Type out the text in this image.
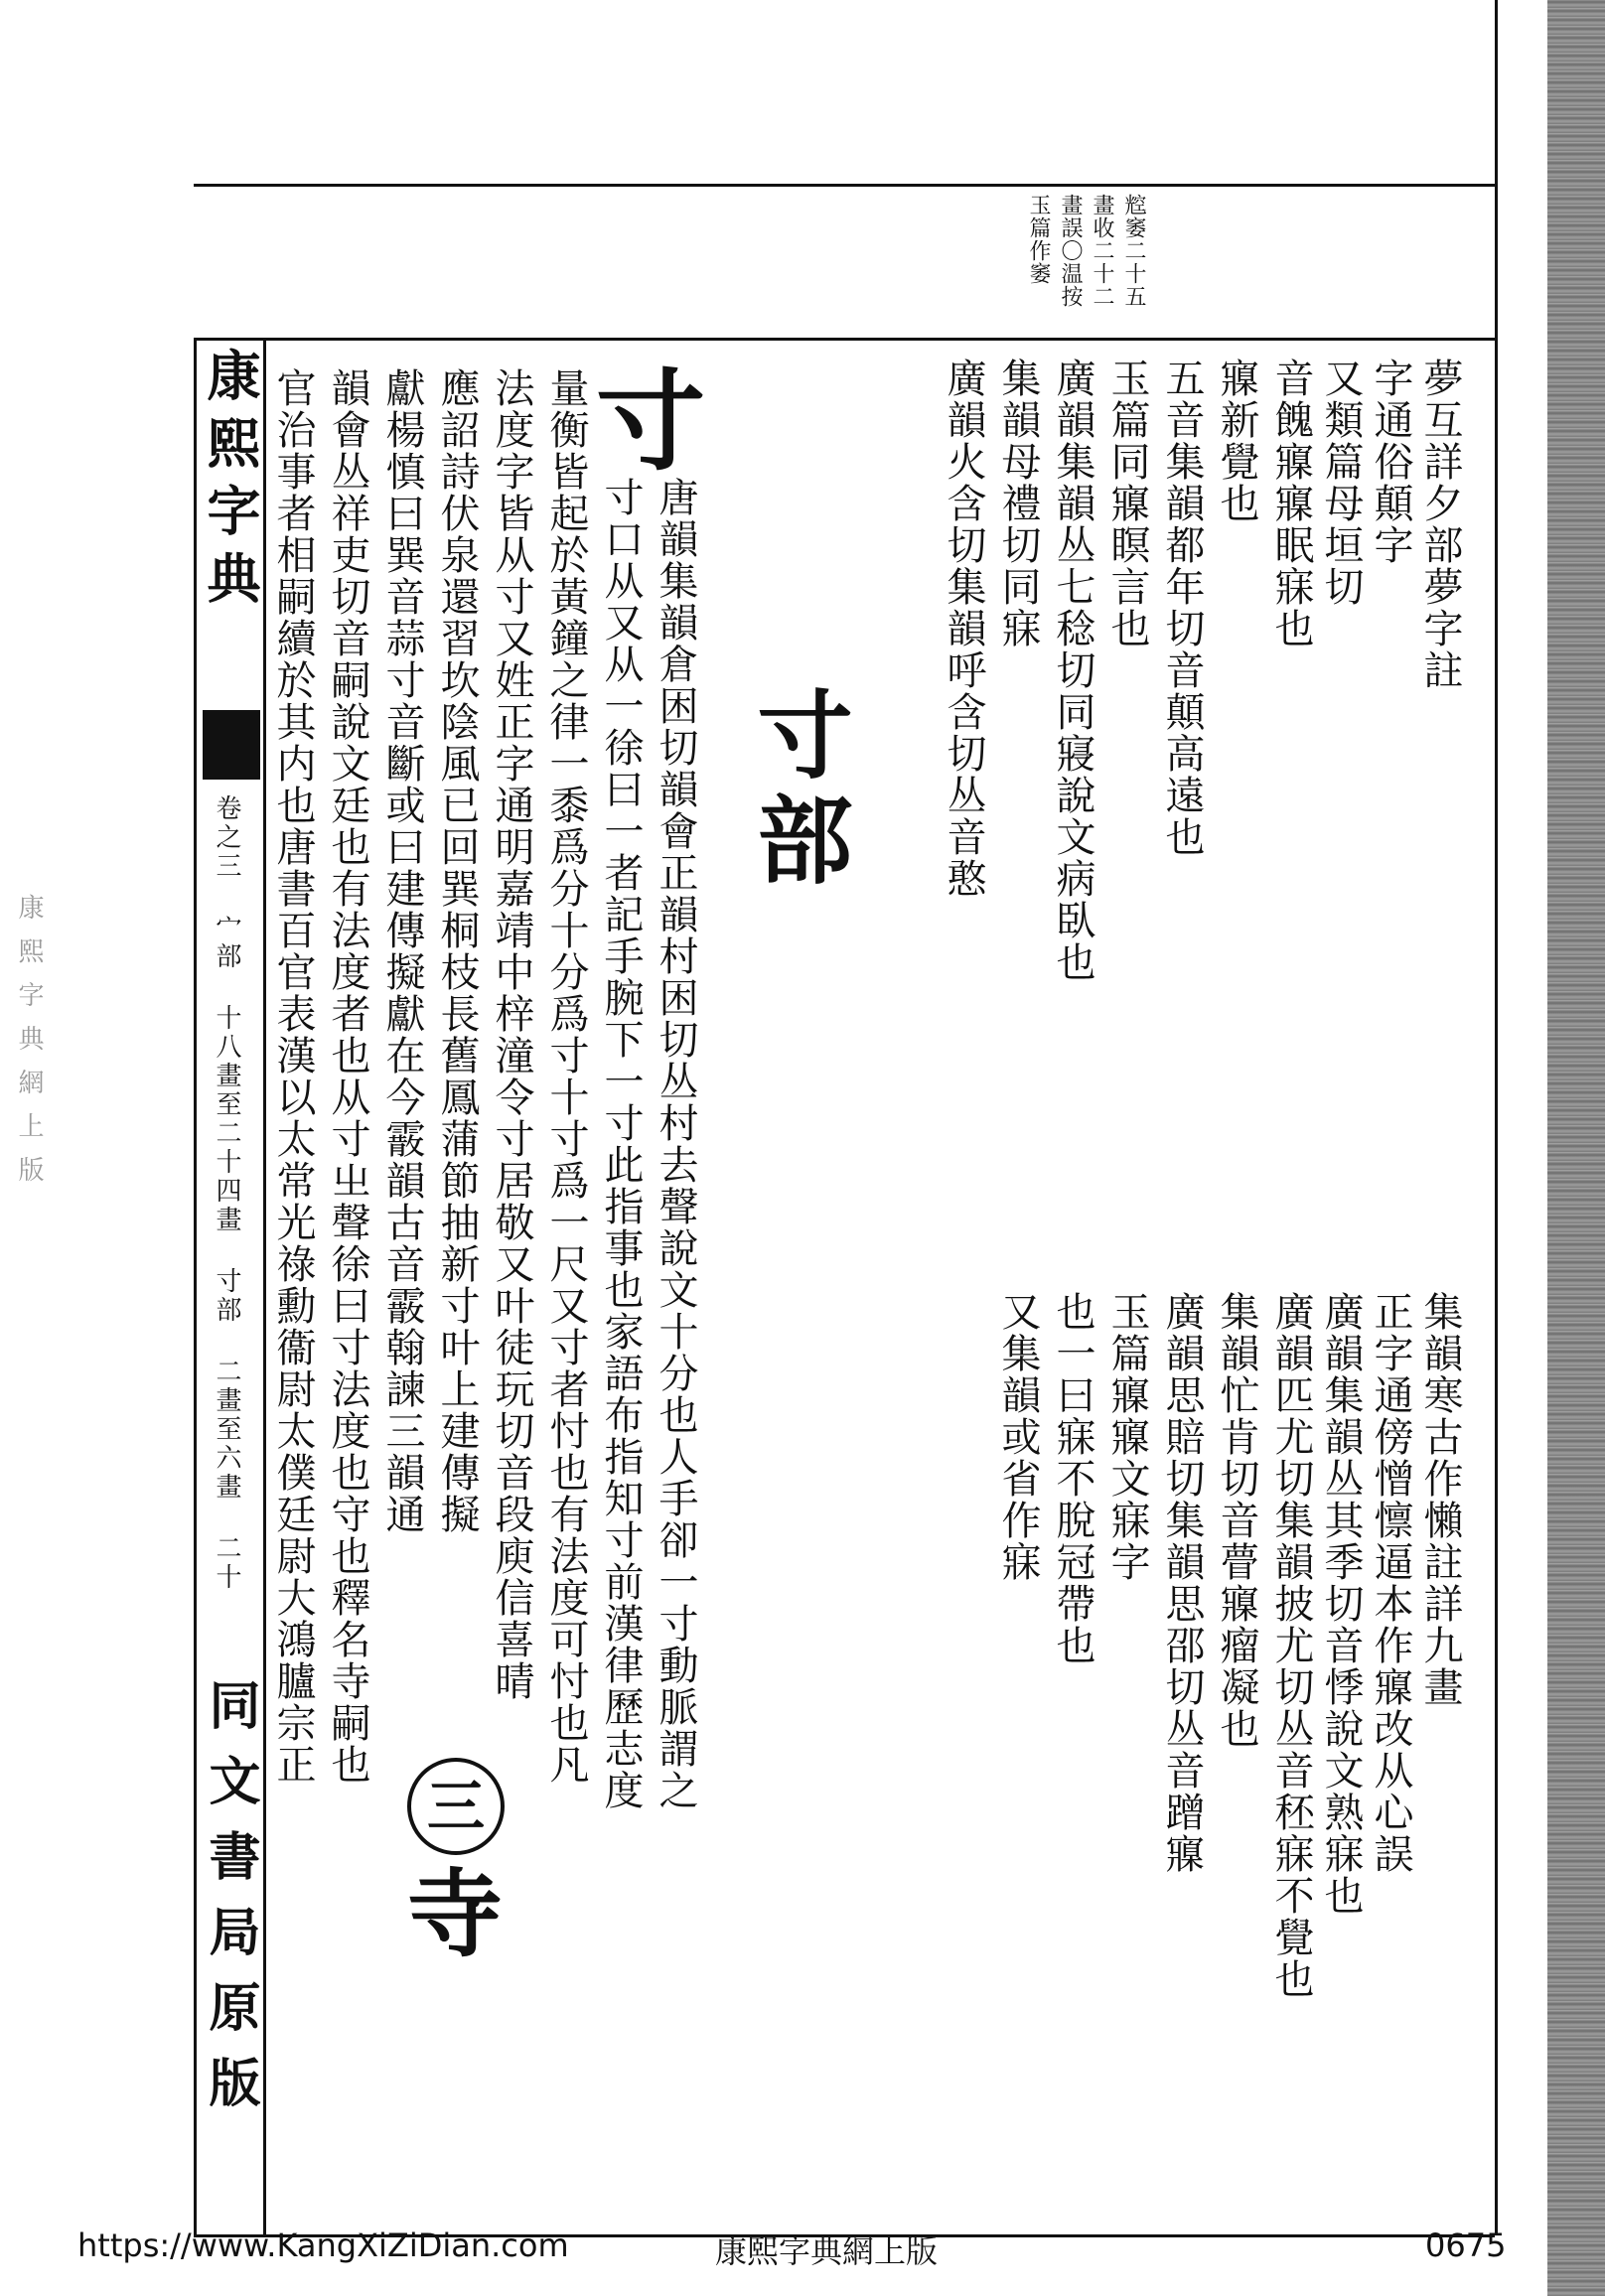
康熙字典網上版
䆪䆧二十五
畫收二十二
畫誤〇温按
玉篇作䆧
康熙字典
卷之三 宀部 十八畫至二十四畫 寸部 二畫至六畫 二十
同文書局原版
夢互詳夕部夢字註
字通俗顛字
又類篇母垣切
音餽寱寱眠寐也
寱新覺也
集韻寒古作懶註詳九畫
正字通傍憎懔逼本作寱改从心誤
廣韻集韻丛其季切音悸說文熟寐也
廣韻匹尤切集韻披尤切丛音秠寐不覺也
集韻忙肯切音瞢寱瘤凝也
五音集韻都年切音顛高遠也
玉篇同寱瞑言也
廣韻集韻丛七稔切同寢說文病臥也
集韻母禮切同寐
廣韻火含切集韻呼含切丛音憨
廣韻思賠切集韻思邵切丛音蹭寱
玉篇寱寱文寐字
也一曰寐不脫冠帶也
又集韻或省作寐
寸部
寸
唐韻集韻倉困切韻會正韻村困切丛村去聲說文十分也人手卻一寸動脈謂之
寸口从又从一徐曰一者記手腕下一寸此指事也家語布指知寸前漢律歷志度
量衡皆起於黃鐘之律一黍爲分十分爲寸十寸爲一尺又寸者忖也有法度可忖也凡
法度字皆从寸又姓正字通明嘉靖中梓潼令寸居敬又叶徒玩切音段庾信喜晴
應詔詩伏泉還習坎陰風已回巽桐枝長舊鳳蒲節抽新寸叶上建傳擬
獻楊慎曰巽音蒜寸音斷或曰建傳擬獻在今霰韻古音霰翰諫三韻通
韻會丛祥吏切音嗣說文廷也有法度者也从寸㞢聲徐曰寸法度也守也釋名寺嗣也
官治事者相嗣續於其内也唐書百官表漢以太常光祿勳衞尉太僕廷尉大鴻臚宗正
寺
三
https://www.KangXiZiDian.com	康熙字典網上版	0675
